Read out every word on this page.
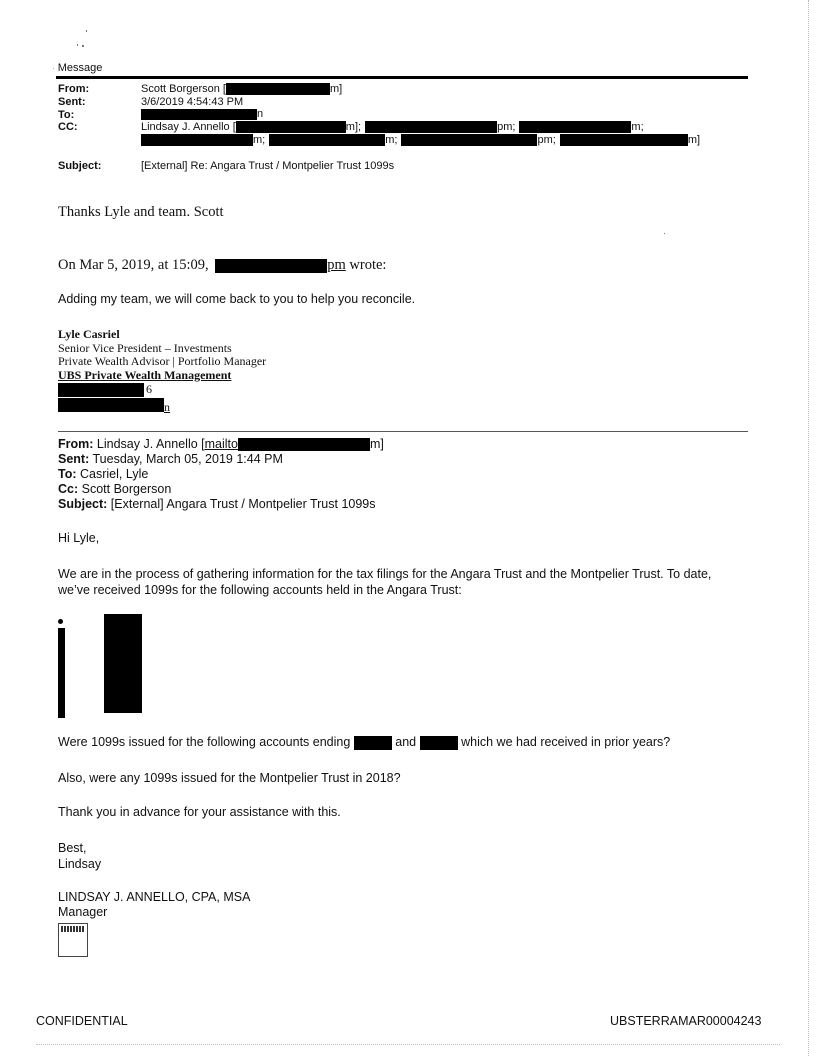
· Message
From:	Scott Borgerson [	m]
Sent:	3/6/2019 4:54:43 PM
To:	n
CC:	Lindsay J. Annello [	m];	pm;	m;
m;	m;	pm;	m]
Subject:	[External] Re: Angara Trust / Montpelier Trust 1099s
Thanks Lyle and team. Scott
On Mar 5, 2019, at 15:09,	pm wrote:
Adding my team, we will come back to you to help you reconcile.
Lyle Casriel
Senior Vice President – Investments
Private Wealth Advisor | Portfolio Manager
UBS Private Wealth Management
6
n
From: Lindsay J. Annello [mailto	m]
Sent: Tuesday, March 05, 2019 1:44 PM
To: Casriel, Lyle
Cc: Scott Borgerson
Subject: [External] Angara Trust / Montpelier Trust 1099s
Hi Lyle,
We are in the process of gathering information for the tax filings for the Angara Trust and the Montpelier Trust. To date,
we’ve received 1099s for the following accounts held in the Angara Trust:
Were 1099s issued for the following accounts ending	and	which we had received in prior years?
Also, were any 1099s issued for the Montpelier Trust in 2018?
Thank you in advance for your assistance with this.
Best,
Lindsay
LINDSAY J. ANNELLO, CPA, MSA
Manager
CONFIDENTIAL	UBSTERRAMAR00004243
